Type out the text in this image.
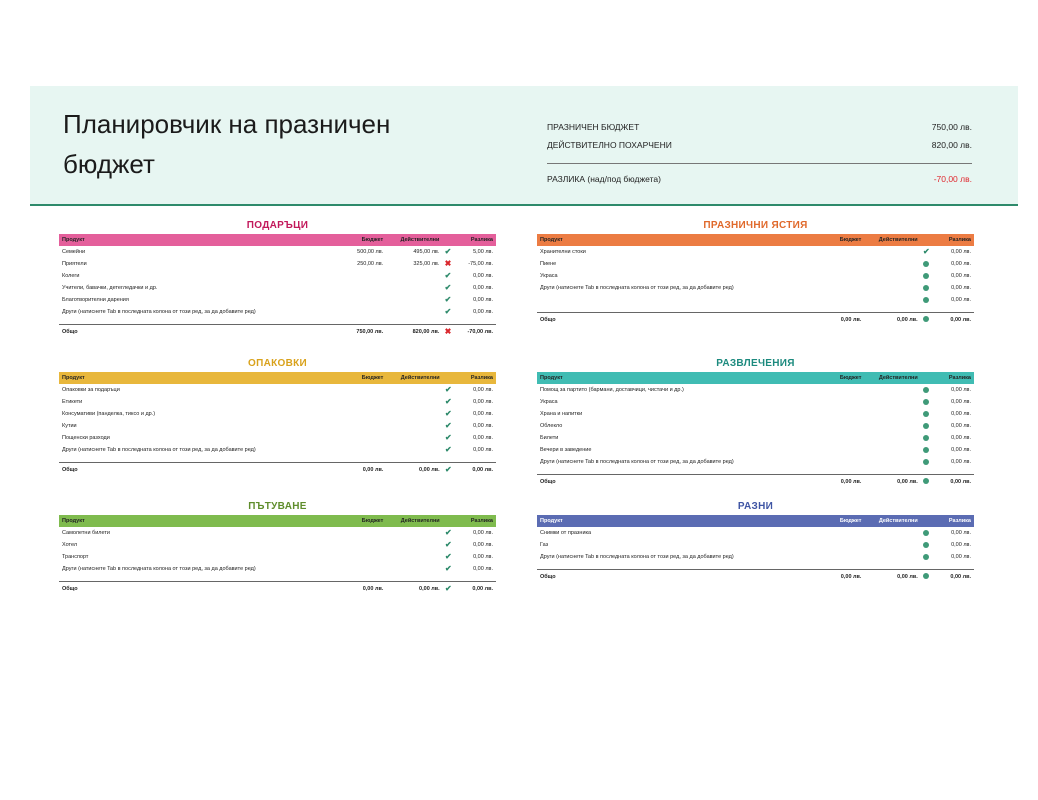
Планировчик на празничен бюджет
ПРАЗНИЧЕН БЮДЖЕТ	750,00 лв.
ДЕЙСТВИТЕЛНО ПОХАРЧЕНИ	820,00 лв.
РАЗЛИКА (над/под бюджета)	-70,00 лв.
ПОДАРЪЦИ
Продукт	Бюджет	Действителни		Разлика
Семейни	500,00 лв.	495,00 лв.	✔	5,00 лв.
Приятели	250,00 лв.	325,00 лв.	✖	-75,00 лв.
Колеги			✔	0,00 лв.
Учители, бавачки, детегледачки и др.			✔	0,00 лв.
Благотворителни дарения			✔	0,00 лв.
Други (натиснете Tab в последната колона от този ред, за да добавите ред)			✔	0,00 лв.

Общо	750,00 лв.	820,00 лв.	✖	-70,00 лв.
ОПАКОВКИ
Продукт	Бюджет	Действителни		Разлика
Опаковки за подаръци			✔	0,00 лв.
Етикети			✔	0,00 лв.
Консумативи (панделка, тиксо и др.)			✔	0,00 лв.
Кутии			✔	0,00 лв.
Пощенски разходи			✔	0,00 лв.
Други (натиснете Tab в последната колона от този ред, за да добавите ред)			✔	0,00 лв.

Общо	0,00 лв.	0,00 лв.	✔	0,00 лв.
ПЪТУВАНЕ
Продукт	Бюджет	Действителни		Разлика
Самолетни билети			✔	0,00 лв.
Хотел			✔	0,00 лв.
Транспорт			✔	0,00 лв.
Други (натиснете Tab в последната колона от този ред, за да добавите ред)			✔	0,00 лв.

Общо	0,00 лв.	0,00 лв.	✔	0,00 лв.
ПРАЗНИЧНИ ЯСТИЯ
Продукт	Бюджет	Действителни		Разлика
Хранителни стоки			✔	0,00 лв.
Пиене				0,00 лв.
Украса				0,00 лв.
Други (натиснете Tab в последната колона от този ред, за да добавите ред)				0,00 лв.
				0,00 лв.

Общо	0,00 лв.	0,00 лв.		0,00 лв.
РАЗВЛЕЧЕНИЯ
Продукт	Бюджет	Действителни		Разлика
Помощ за партито (бармани, доставчици, чистачи и др.)				0,00 лв.
Украса				0,00 лв.
Храна и напитки				0,00 лв.
Облекло				0,00 лв.
Билети				0,00 лв.
Вечери в заведение				0,00 лв.
Други (натиснете Tab в последната колона от този ред, за да добавите ред)				0,00 лв.

Общо	0,00 лв.	0,00 лв.		0,00 лв.
РАЗНИ
Продукт	Бюджет	Действителни		Разлика
Снимки от празника				0,00 лв.
Газ				0,00 лв.
Други (натиснете Tab в последната колона от този ред, за да добавите ред)				0,00 лв.

Общо	0,00 лв.	0,00 лв.		0,00 лв.
